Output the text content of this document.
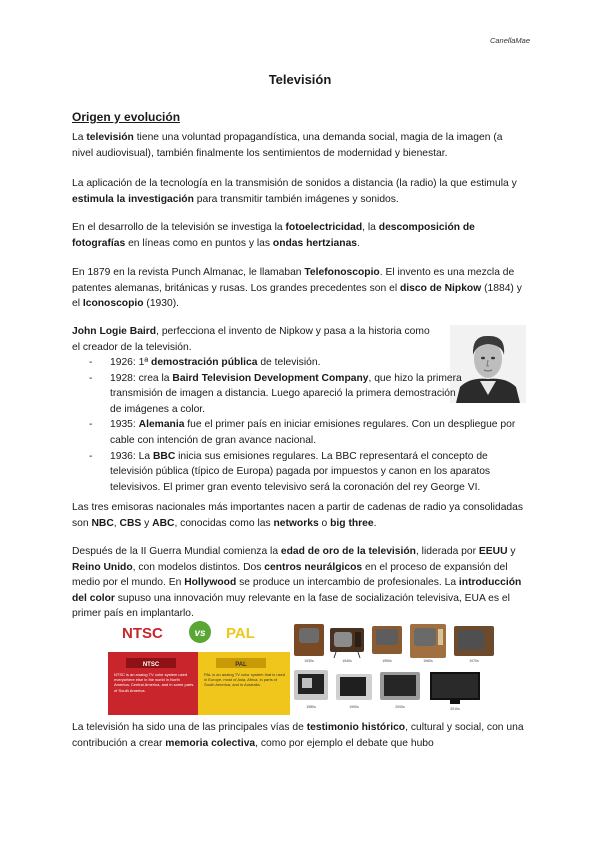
CanellaMae
Televisión
Origen y evolución
La televisión tiene una voluntad propagandística, una demanda social, magia de la imagen (a nivel audiovisual), también finalmente los sentimientos de modernidad y bienestar.
La aplicación de la tecnología en la transmisión de sonidos a distancia (la radio) la que estimula y estimula la investigación para transmitir también imágenes y sonidos.
En el desarrollo de la televisión se investiga la fotoelectricidad, la descomposición de fotografías en líneas como en puntos y las ondas hertzianas.
En 1879 en la revista Punch Almanac, le llamaban Telefonoscopio. El invento es una mezcla de patentes alemanas, británicas y rusas. Los grandes precedentes son el disco de Nipkow (1884) y el Iconoscopio (1930).
John Logie Baird, perfecciona el invento de Nipkow y pasa a la historia como el creador de la televisión.
- 1926: 1ª demostración pública de televisión.
- 1928: crea la Baird Television Development Company, que hizo la primera transmisión de imagen a distancia. Luego apareció la primera demostración de imágenes a color.
- 1935: Alemania fue el primer país en iniciar emisiones regulares. Con un despliegue por cable con intención de gran avance nacional.
- 1936: La BBC inicia sus emisiones regulares. La BBC representará el concepto de televisión pública (típico de Europa) pagada por impuestos y canon en los aparatos televisivos. El primer gran evento televisivo será la coronación del rey George VI.
Las tres emisoras nacionales más importantes nacen a partir de cadenas de radio ya consolidadas son NBC, CBS y ABC, conocidas como las networks o big three.
Después de la II Guerra Mundial comienza la edad de oro de la televisión, liderada por EEUU y Reino Unido, con modelos distintos. Dos centros neurálgicos en el proceso de expansión del medio por el mundo. En Hollywood se produce un intercambio de profesionales. La introducción del color supuso una innovación muy relevante en la fase de socialización televisiva, EUA es el primer país en implantarlo.
NTSC	vs PAL
NTSC	PAL
NTSC is an analog TV color system used everywhere else in the world in North America, Central America, and in some parts of South America.
PAL is an analog TV color system that is used in Europe, most of Asia, Africa, in parts of South America, and in Australia.
1930s	1940s	1950s	1960s	1970s
1980s	1990s	2000s	2010s
La televisión ha sido una de las principales vías de testimonio histórico, cultural y social, con una contribución a crear memoria colectiva, como por ejemplo el debate que hubo
